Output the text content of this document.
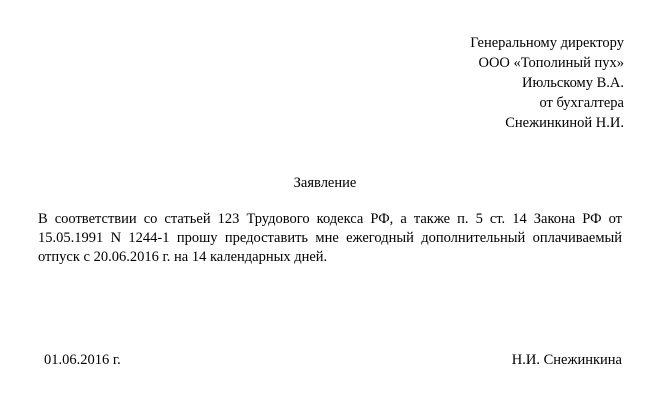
Генеральному директору
ООО «Тополиный пух»
Июльскому В.А.
от бухгалтера
Снежинкиной Н.И.
Заявление
В соответствии со статьей 123 Трудового кодекса РФ, а также п. 5 ст. 14 Закона РФ от
15.05.1991 N 1244-1 прошу предоставить мне ежегодный дополнительный оплачиваемый
отпуск с 20.06.2016 г. на 14 календарных дней.
01.06.2016 г.	Н.И. Снежинкина
